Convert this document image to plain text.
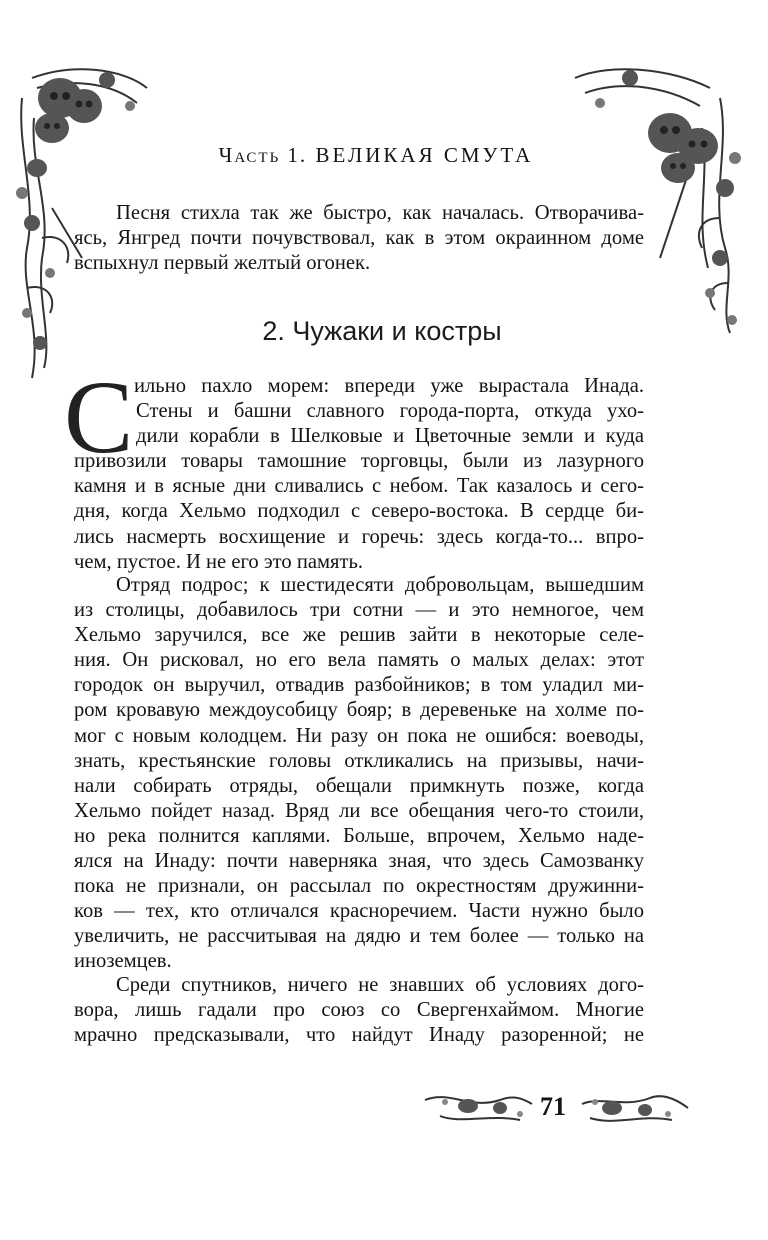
Часть 1. ВЕЛИКАЯ СМУТА

Песня стихла так же быстро, как началась. Отворачива-
ясь, Янгред почти почувствовал, как в этом окраинном доме
вспыхнул первый желтый огонек.

2. Чужаки и костры
С ильно пахло морем: впереди уже вырастала Инада.
Стены и башни славного города-порта, откуда ухо-
дили корабли в Шелковые и Цветочные земли и куда
привозили товары тамошние торговцы, были из лазурного
камня и в ясные дни сливались с небом. Так казалось и сего-
дня, когда Хельмо подходил с северо-востока. В сердце би-
лись насмерть восхищение и горечь: здесь когда-то... впро-
чем, пустое. И не его это память.

Отряд подрос; к шестидесяти добровольцам, вышедшим
из столицы, добавилось три сотни — и это немногое, чем
Хельмо заручился, все же решив зайти в некоторые селе-
ния. Он рисковал, но его вела память о малых делах: этот
городок он выручил, отвадив разбойников; в том уладил ми-
ром кровавую междоусобицу бояр; в деревеньке на холме по-
мог с новым колодцем. Ни разу он пока не ошибся: воеводы,
знать, крестьянские головы откликались на призывы, начи-
нали собирать отряды, обещали примкнуть позже, когда
Хельмо пойдет назад. Вряд ли все обещания чего-то стоили,
но река полнится каплями. Больше, впрочем, Хельмо наде-
ялся на Инаду: почти наверняка зная, что здесь Самозванку
пока не признали, он рассылал по окрестностям дружинни-
ков — тех, кто отличался красноречием. Части нужно было
увеличить, не рассчитывая на дядю и тем более — только на
иноземцев.

Среди спутников, ничего не знавших об условиях дого-
вора, лишь гадали про союз со Свергенхаймом. Многие
мрачно предсказывали, что найдут Инаду разоренной; не

71
